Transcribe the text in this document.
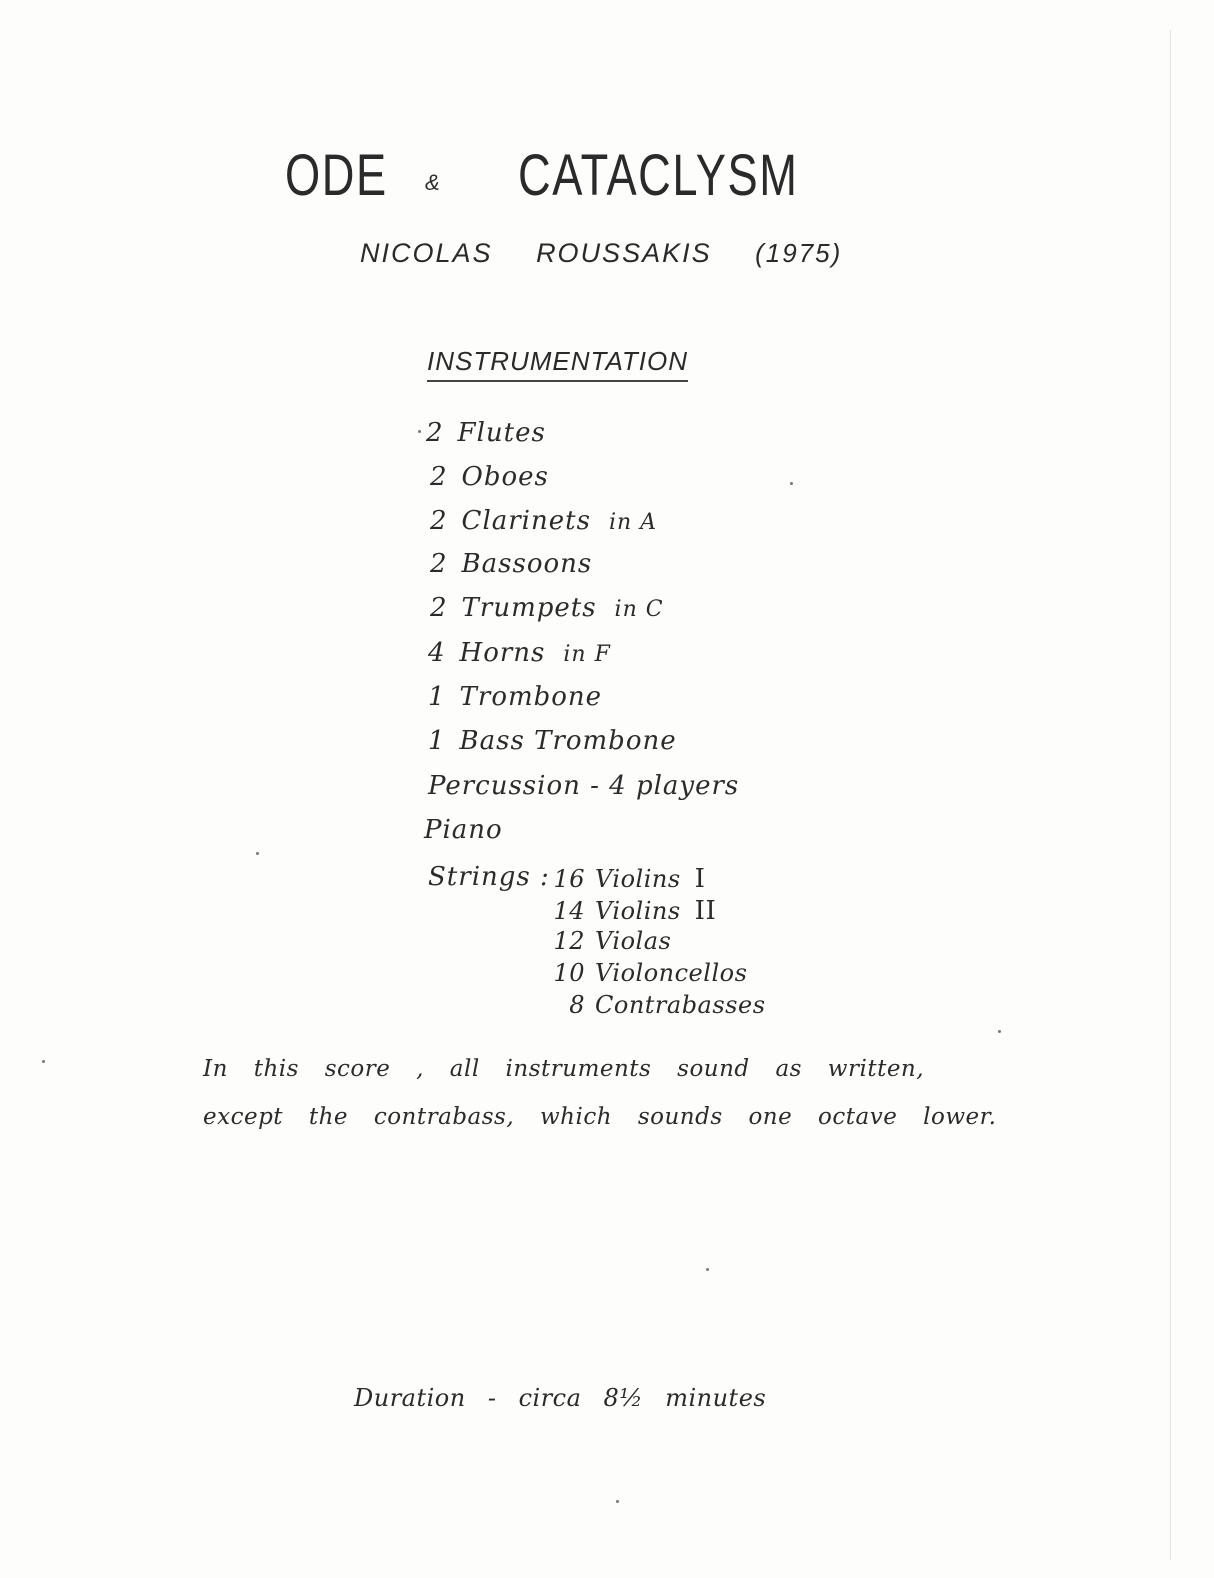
ODE & CATACLYSM
NICOLAS ROUSSAKIS (1975)
INSTRUMENTATION
2 Flutes
2 Oboes
2 Clarinets in A
2 Bassoons
2 Trumpets in C
4 Horns in F
1 Trombone
1 Bass Trombone
Percussion - 4 players
Piano
Strings : 16 Violins I
14 Violins II
12 Violas
10 Violoncellos
8 Contrabasses
In this score , all instruments sound as written,
except the contrabass, which sounds one octave lower.
Duration - circa 8½ minutes
